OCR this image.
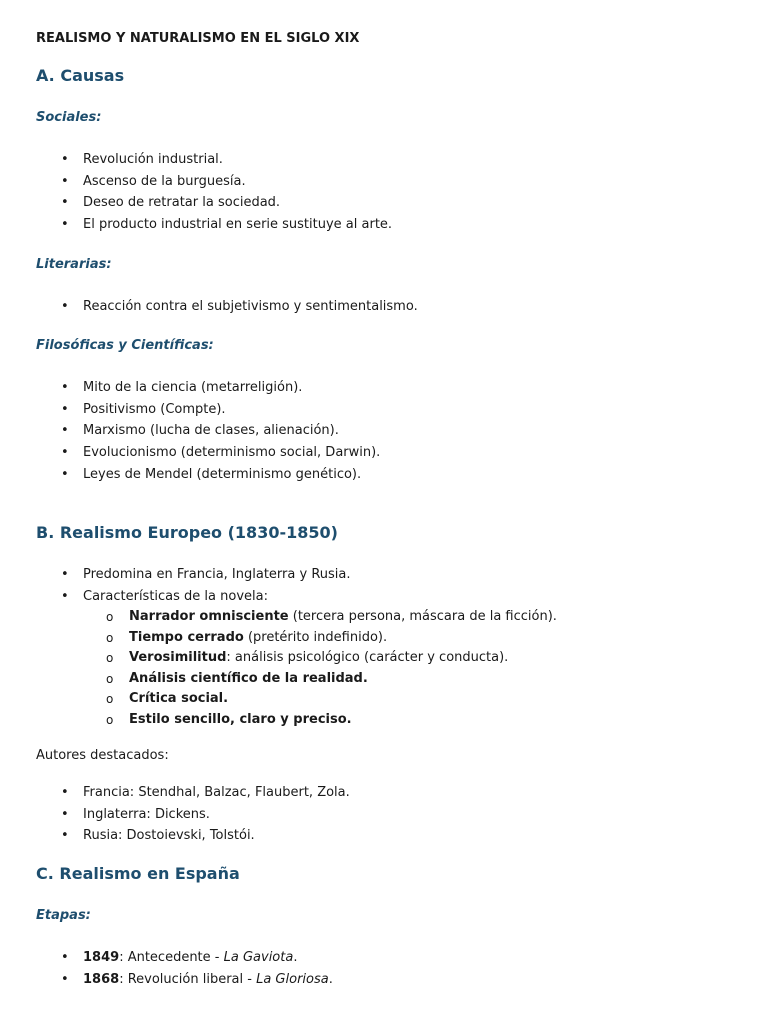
REALISMO Y NATURALISMO EN EL SIGLO XIX
A. Causas
Sociales:
• Revolución industrial.
• Ascenso de la burguesía.
• Deseo de retratar la sociedad.
• El producto industrial en serie sustituye al arte.
Literarias:
• Reacción contra el subjetivismo y sentimentalismo.
Filosóficas y Científicas:
• Mito de la ciencia (metarreligión).
• Positivismo (Compte).
• Marxismo (lucha de clases, alienación).
• Evolucionismo (determinismo social, Darwin).
• Leyes de Mendel (determinismo genético).
B. Realismo Europeo (1830-1850)
• Predomina en Francia, Inglaterra y Rusia.
• Características de la novela:
o Narrador omnisciente (tercera persona, máscara de la ficción).
o Tiempo cerrado (pretérito indefinido).
o Verosimilitud: análisis psicológico (carácter y conducta).
o Análisis científico de la realidad.
o Crítica social.
o Estilo sencillo, claro y preciso.
Autores destacados:
• Francia: Stendhal, Balzac, Flaubert, Zola.
• Inglaterra: Dickens.
• Rusia: Dostoievski, Tolstói.
C. Realismo en España
Etapas:
• 1849: Antecedente - La Gaviota.
• 1868: Revolución liberal - La Gloriosa.
